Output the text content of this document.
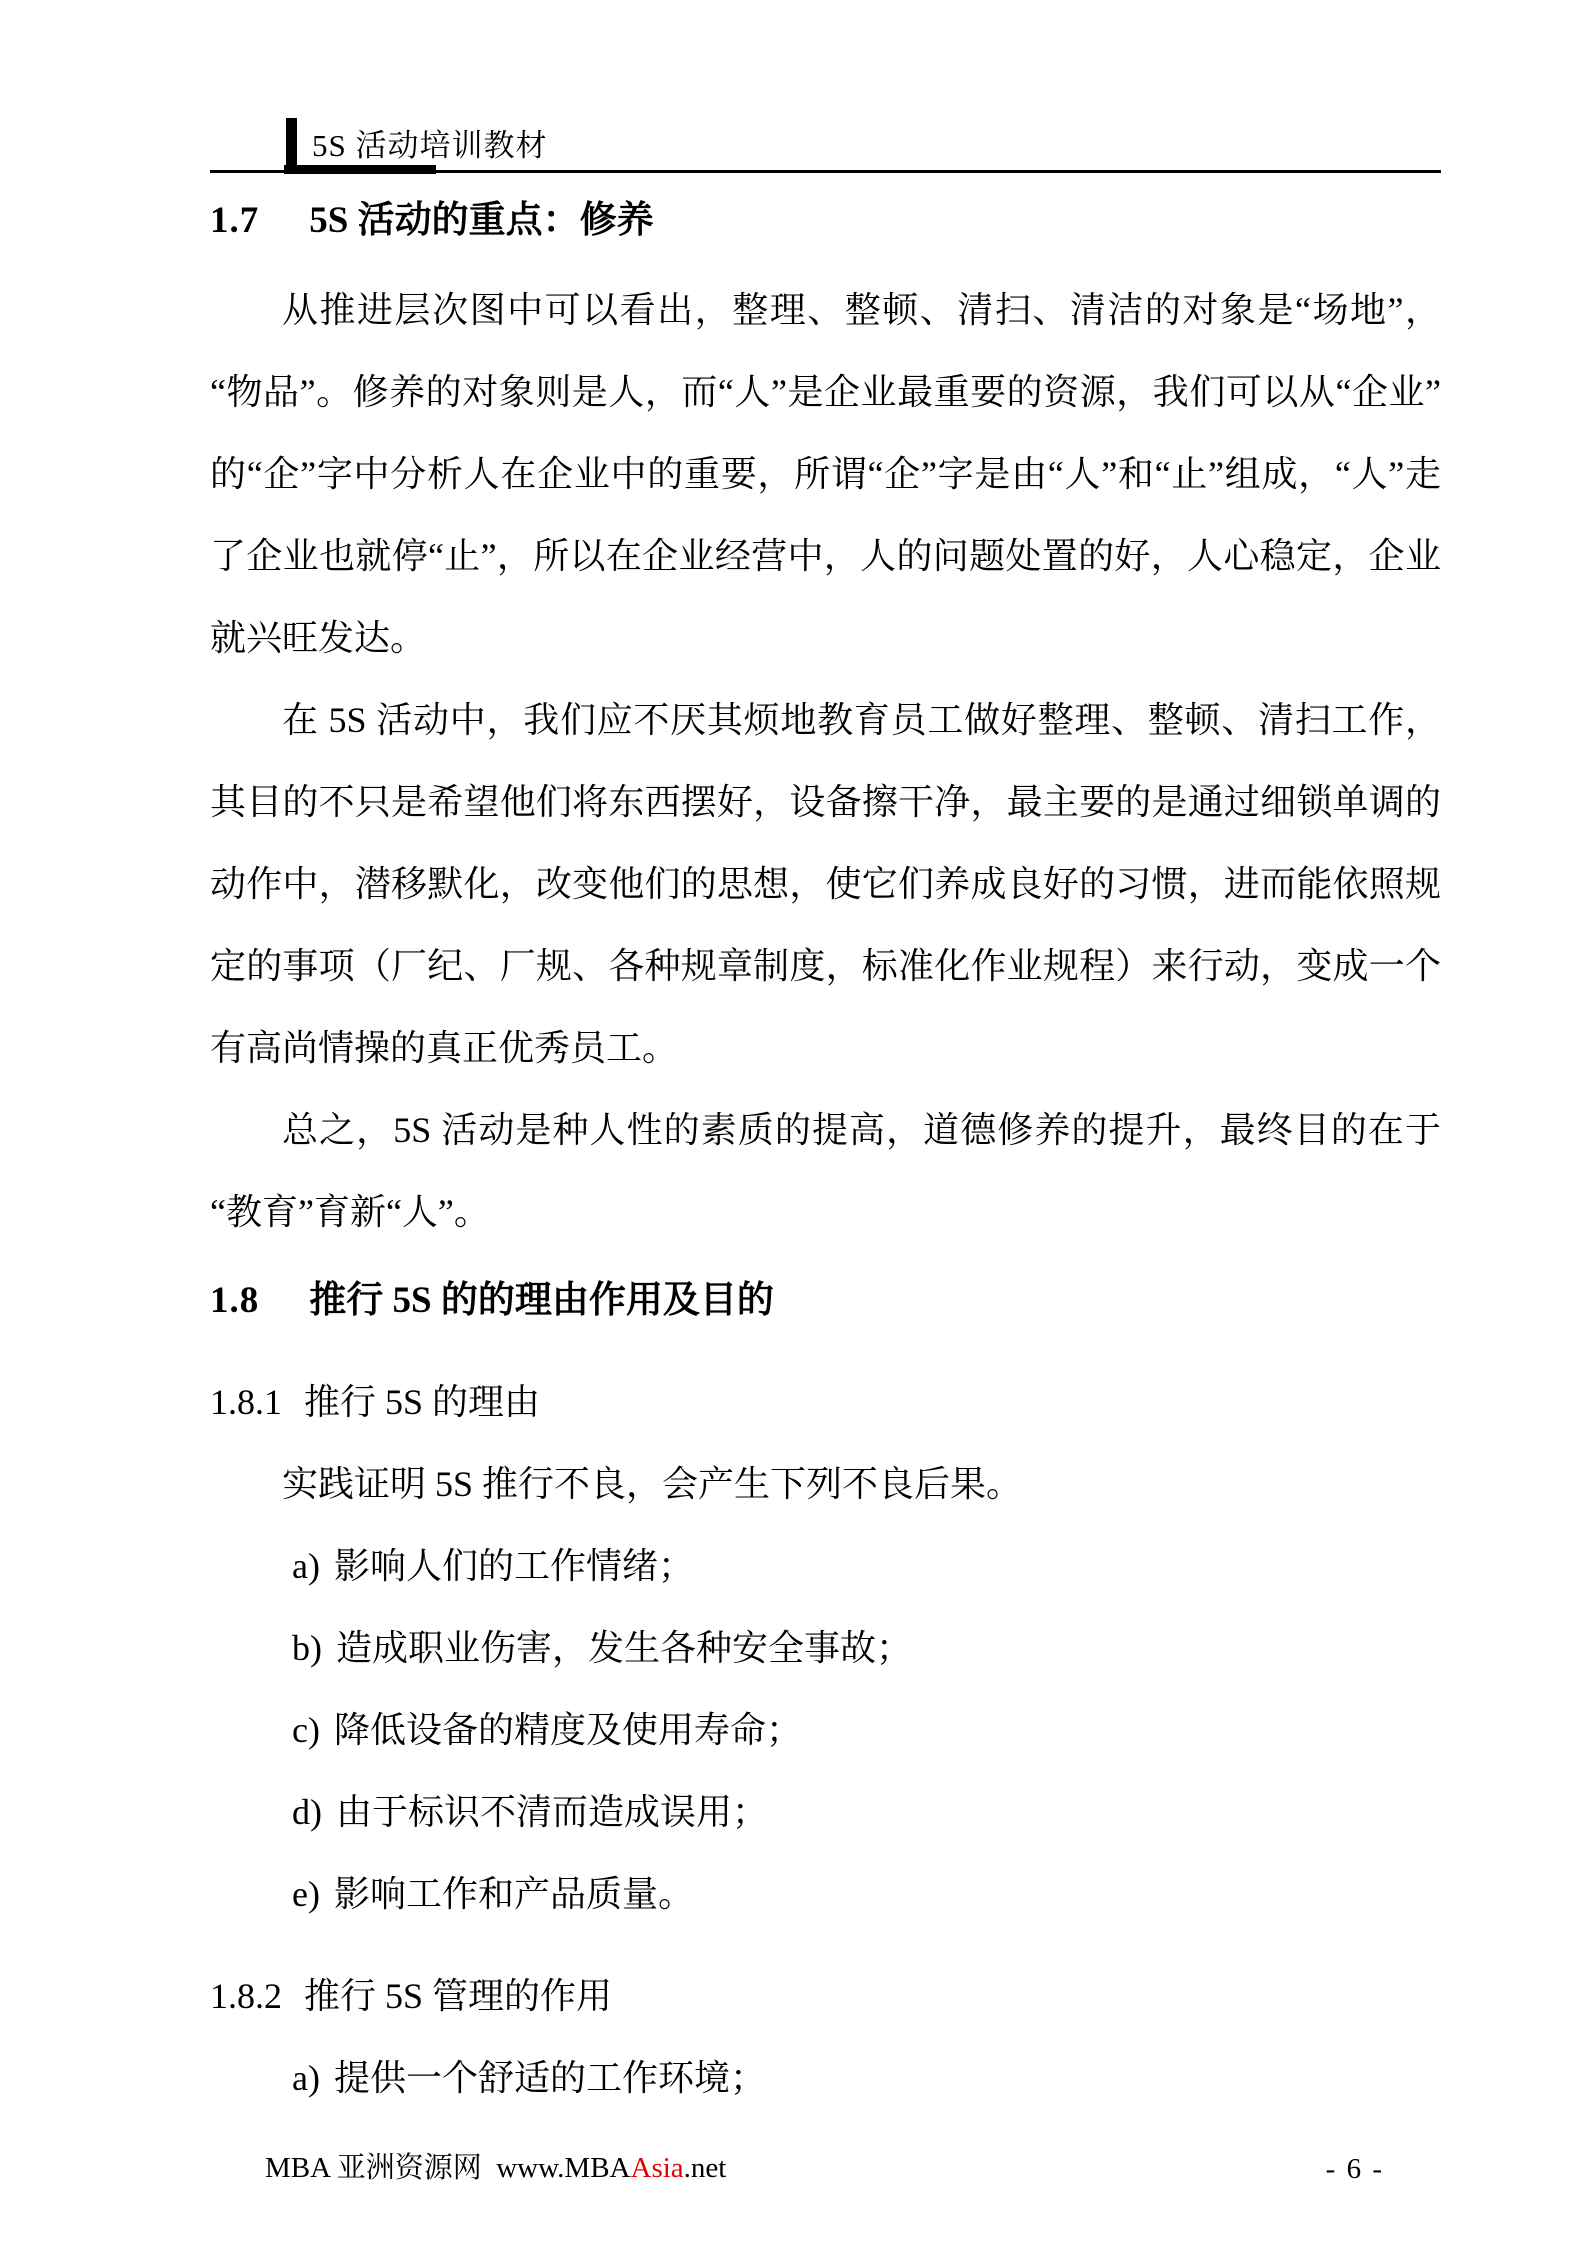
5S 活动培训教材
1.7 5S 活动的重点：修养

从推进层次图中可以看出，整理、整顿、清扫、清洁的对象是“场地”，“物品”。修养的对象则是人，而“人”是企业最重要的资源，我们可以从“企业”的“企”字中分析人在企业中的重要，所谓“企”字是由“人”和“止”组成，“人”走了企业也就停“止”，所以在企业经营中，人的问题处置的好，人心稳定，企业就兴旺发达。

在 5S 活动中，我们应不厌其烦地教育员工做好整理、整顿、清扫工作，其目的不只是希望他们将东西摆好，设备擦干净，最主要的是通过细锁单调的动作中，潜移默化，改变他们的思想，使它们养成良好的习惯，进而能依照规定的事项（厂纪、厂规、各种规章制度，标准化作业规程）来行动，变成一个有高尚情操的真正优秀员工。

总之，5S 活动是种人性的素质的提高，道德修养的提升，最终目的在于“教育”育新“人”。

1.8 推行 5S 的的理由作用及目的
1.8.1 推行 5S 的理由

实践证明 5S 推行不良，会产生下列不良后果。

a) 影响人们的工作情绪；
b) 造成职业伤害，发生各种安全事故；
c) 降低设备的精度及使用寿命；
d) 由于标识不清而造成误用；
e) 影响工作和产品质量。
1.8.2 推行 5S 管理的作用
a) 提供一个舒适的工作环境；
MBA 亚洲资源网  www.MBAAsia.net	- 6 -
